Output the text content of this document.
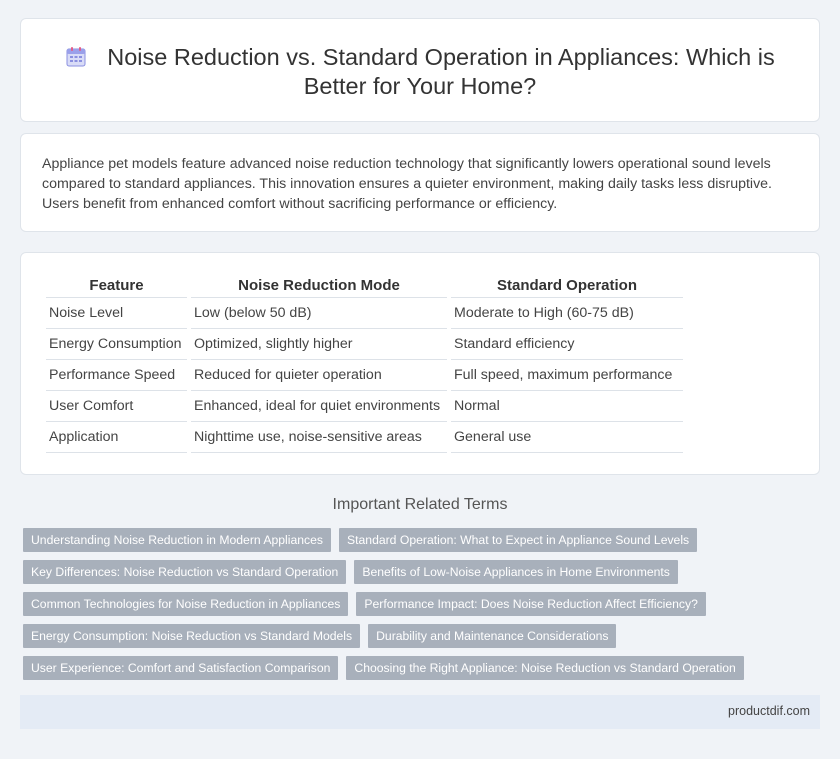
Noise Reduction vs. Standard Operation in Appliances: Which is Better for Your Home?

Appliance pet models feature advanced noise reduction technology that significantly lowers operational sound levels compared to standard appliances. This innovation ensures a quieter environment, making daily tasks less disruptive. Users benefit from enhanced comfort without sacrificing performance or efficiency.

Feature	Noise Reduction Mode	Standard Operation
Noise Level	Low (below 50 dB)	Moderate to High (60-75 dB)
Energy Consumption	Optimized, slightly higher	Standard efficiency
Performance Speed	Reduced for quieter operation	Full speed, maximum performance
User Comfort	Enhanced, ideal for quiet environments	Normal
Application	Nighttime use, noise-sensitive areas	General use
Important Related Terms
Understanding Noise Reduction in Modern Appliances	Standard Operation: What to Expect in Appliance Sound Levels
Key Differences: Noise Reduction vs Standard Operation	Benefits of Low-Noise Appliances in Home Environments
Common Technologies for Noise Reduction in Appliances	Performance Impact: Does Noise Reduction Affect Efficiency?
Energy Consumption: Noise Reduction vs Standard Models	Durability and Maintenance Considerations
User Experience: Comfort and Satisfaction Comparison	Choosing the Right Appliance: Noise Reduction vs Standard Operation
productdif.com
